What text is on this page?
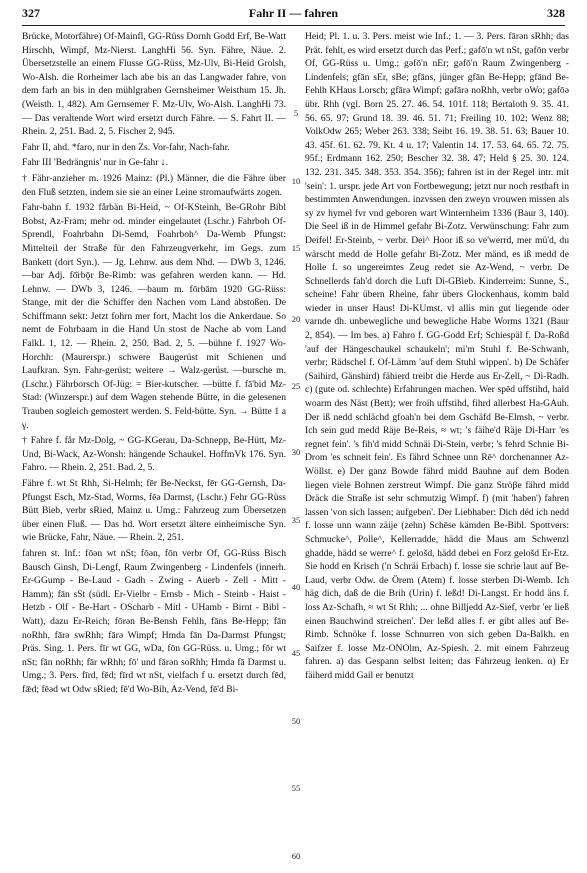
327	Fahr II — fahren	328

Brücke, Motorfähre) Of-Mainfl, GG-Rüss Dornh Godd Erf, Be-Watt Hirschh, Wimpf, Mz-Nierst. LanghHi 56. Syn. Fähre, Näue. 2. Übersetzstelle an einem Flusse GG-Rüss, Mz-Ulv, Bi-Heid Grolsh, Wo-Alsh. die Rorheimer lach abe bis an das Langwader fahre, von dem farh an bis in den mühlgraben Gernsheimer Weisthum 15. Jh. (Weisth. 1, 482). Am Gernsemer F. Mz-Ulv, Wo-Alsh. LanghHi 73. — Das veraltende Wort wird ersetzt durch Fähre. — S. Fahrt II. — Rhein. 2, 251. Bad. 2, 5. Fischer 2, 945.

Fahr II, ahd. *faro, nur in den Zs. Vor-fahr, Nach-fahr.

Fahr III 'Bedrängnis' nur in Ge-fahr ↓.

† Fähr-anzieher m. 1926 Mainz: (Pl.) Männer, die die Fähre über den Fluß setzten, indem sie sie an einer Leine stromaufwärts zogen.

Fahr-bahn f. 1932 fårbän Bi-Heid, ~ Of-KSteinh, Be-GRohr Bibl Bobst, Az-Fram; mehr od. minder eingelautet (Lschr.) Fahrboh Of-Sprendl, Foahrbahn Di-Semd, Foahrboh^ Da-Wemb Pfungst: Mittelteil der Straße für den Fahrzeugverkehr, im Gegs. zum Bankett (dort Syn.). — Jg. Lehnw. aus dem Nhd. — DWb 3, 1246. —bar Adj. fō̆rbǭr Be-Rimb: was gefahren werden kann. — Hd. Lehnw. — DWb 3, 1246. —baum m. fōrbām 1920 GG-Rüss: Stange, mit der die Schiffer den Nachen vom Land abstoßen. De Schiffmann sekt: Jetzt fohrn mer fort, Macht los die Ankerdaue. So nemt de Fohrbaam in die Hand Un stost de Nache ab vom Land FalkL 1, 12. — Rhein. 2, 250. Bad. 2, 5. —bühne f. 1927 Wo-Horchh: (Maurerspr.) schwere Baugerüst mit Schienen und Laufkran. Syn. Fahr-gerüst; weitere → Walz-gerüst. —bursche m. (Lschr.) Fährborsch Of-Jüg: = Bier-kutscher. —bütte f. fā'bid Mz-Stad: (Winzerspr.) auf dem Wagen stehende Bütte, in die gelesenen Trauben sogleich gemostert werden. S. Feld-bütte. Syn. → Bütte 1 a γ.

† Fahre f. får Mz-Dolg, ~ GG-KGerau, Da-Schnepp, Be-Hütt, Mz-Und, Bi-Wack, Az-Wonsh: hängende Schaukel. HoffmVk 176. Syn. Fahro. — Rhein. 2, 251. Bad. 2, 5.

Fähre f. wt St Rhh, Si-Helmh; fēr Be-Neckst, fēr GG-Gernsh, Da-Pfungst Esch, Mz-Stad, Worms, fēə Darmst, (Lschr.) Fehr GG-Rüss Bütt Bieb, verbr sRied, Mainz u. Umg.: Fahrzeug zum Übersetzen über einen Fluß. — Das hd. Wort ersetzt ältere einheimische Syn. wie Brücke, Fahr, Näue. — Rhein. 2, 251.

fahren st. Inf.: fōən wt nSt; fōən, fōn verbr Of, GG-Rüss Bisch Bausch Ginsh, Di-Lengf, Raum Zwingenberg - Lindenfels (innerh. Er-GGump - Be-Laud - Gadh - Zwing - Auerb - Zell - Mitt - Hamm); fān sSt (südl. Er-Vielbr - Ernsb - Mich - Steinb - Haist - Hetzb - Olf - Be-Hart - OScharb - Mitl - UHamb - Birnt - Bibl - Watt), dazu Er-Reich; fōrən Be-Bensh Fehlh, fāns Be-Hepp; fān noRhh, fārə swRhh; fārə Wimpf; Hmda fān Da-Darmst Pfungst; Präs. Sing. 1. Pers. fīr wt GG, wDa, fōn GG-Rüss. u. Umg.; fōr wt nSt; fān noRhh; fār wRhh; fō' und fārən soRhh; Hmda fā Darmst u. Umg.; 3. Pers. fīrd, fēd; fīrd wt nSt, vielfach f u. ersetzt durch fēd, fǣd; fēəd wt Odw sRied; fē'd Wo-Bih, Az-Vend, fē'd Bi-

5
10
15
20
25
30
35
40
45
50
55
60

Heid; Pl. 1. u. 3. Pers. meist wie Inf.; 1. — 3. Pers. fārən sRhh; das Prät. fehlt, es wird ersetzt durch das Perf.; gəfō'n wt nSt, gəfōn verbr Of, GG-Rüss u. Umg.; gəfō'n nEr; gəfō'n Raum Zwingenberg - Lindenfels; gfān sEr, sBe; gfāns, jünger gfān Be-Hepp; gfānd Be-Fehlh KHaus Lorsch; gfārə Wimpf; gəfārə noRhh, verbr oWo; gəfōə übr. Rhh (vgl. Born 25. 27. 46. 54. 101f. 118; Bertaloth 9. 35. 41. 56. 65. 97; Grund 18. 39. 46. 51. 71; Freiling 10. 102; Wenz 88; VolkOdw 265; Weber 263. 338; Seibt 16. 19. 38. 51. 63; Bauer 10. 43. 45f. 61. 62. 79. Kt. 4 u. 17; Valentin 14. 17. 53. 64. 65. 72. 75. 95f.; Erdmann 162. 250; Bescher 32. 38. 47; Held § 25. 30. 124. 132. 231. 345. 348. 353. 354. 356); fahren ist in der Regel intr. mit 'sein': 1. urspr. jede Art von Fortbewegung; jetzt nur noch resthaft in bestimmten Anwendungen. inzvssen den zweyn vrouwen missen als sy zv hymel fvr vnd geboren wart Winternheim 1336 (Baur 3, 140). Die Seel iß in de Himmel gefahr Bi-Zotz. Verwünschung: Fahr zum Deifel! Er-Steinb, ~ verbr. Dei^ Hoor iß so ve'werrd, mer mü'd, du wärscht medd de Holle gefahr Bi-Zotz. Mer mänd, es iß medd de Holle f. so ungereimtes Zeug redet sie Az-Wend, ~ verbr. De Schnellerds fah'd dorch die Luft Di-GBieb. Kinderreim: Sunne, S., scheine! Fahr übern Rheine, fahr übers Glockenhaus, komm bald wieder in unser Haus! Di-KUmst. vl allis min gut liegende oder varnde dh. unbewegliche und bewegliche Habe Worms 1321 (Baur 2, 854). — Im bes. a) Fahro f. GG-Godd Erf; Schiespäl f. Da-Roßd 'auf der Hängeschaukel schaukeln'; mi'm Stuhl f. Be-Schwanh, verbr; Rädschel f. Of-Lämm 'auf dem Stuhl wippen'. b) De Schäfer (Saihird, Gänshird) fähierd treibt die Herde aus Er-Zell, ~ Di-Radh. c) (gute od. schlechte) Erfahrungen machen. Wer spēd uffstihd, hald woarm des Näst (Bett); wer froih uffstihd, fihrd allerbest Ha-GAuh. Der iß nedd schlächd gfoah'n bei dem Gschäfd Be-Elmsh, ~ verbr. Ich sein gud medd Räje Be-Reis, ≈ wt; 's fäihe'd Räje Di-Harr 'es regnet fein'. 's fih'd midd Schnäi Di-Stein, verbr; 's fehrd Schnie Bi-Drom 'es schneit fein'. Es fährd Schnee unn Rē^ dorchenanner Az-Wöllst. e) Der ganz Bowde fährd midd Bauhne auf dem Boden liegen viele Bohnen zerstreut Wimpf. Die ganz Ströβe fährd midd Dräck die Straße ist sehr schmutzig Wimpf. f) (mit 'haben') fahren lassen 'von sich lassen; aufgeben'. Der Liebhaber: Dich déd ich nedd f. losse unn wann zäije (zehn) Schēse kämden Be-Bibl. Spottvers: Schmucke^, Polle^, Kellerradde, hädd die Maus am Schwenzl ghadde, hädd se werre^ f. gelošd, hädd debei en Forz gelošd Er-Etz. Sie hodd en Krisch ('n Schräi Erbach) f. losse sie schrie laut auf Be-Laud, verbr Odw. de Örem (Atem) f. losse sterben Di-Wemb. Ich häg dich, daß de die Brih (Urin) f. leßd! Di-Langst. Er hodd äns f. loss Az-Schafh, ≈ wt St Rhh; ... ohne Billjedd Az-Sief, verbr 'er ließ einen Bauchwind streichen'. Der leßd alles f. er gibt alles auf Be-Rimb. Schnöke f. losse Schnurren von sich geben Da-Balkh. en Saifzer f. losse Mz-ONOlm, Az-Spiesh. 2. mit einem Fahrzeug fahren. a) das Gespann selbst leiten; das Fahrzeug lenken. α) Er fäiherd midd Gail er benutzt
